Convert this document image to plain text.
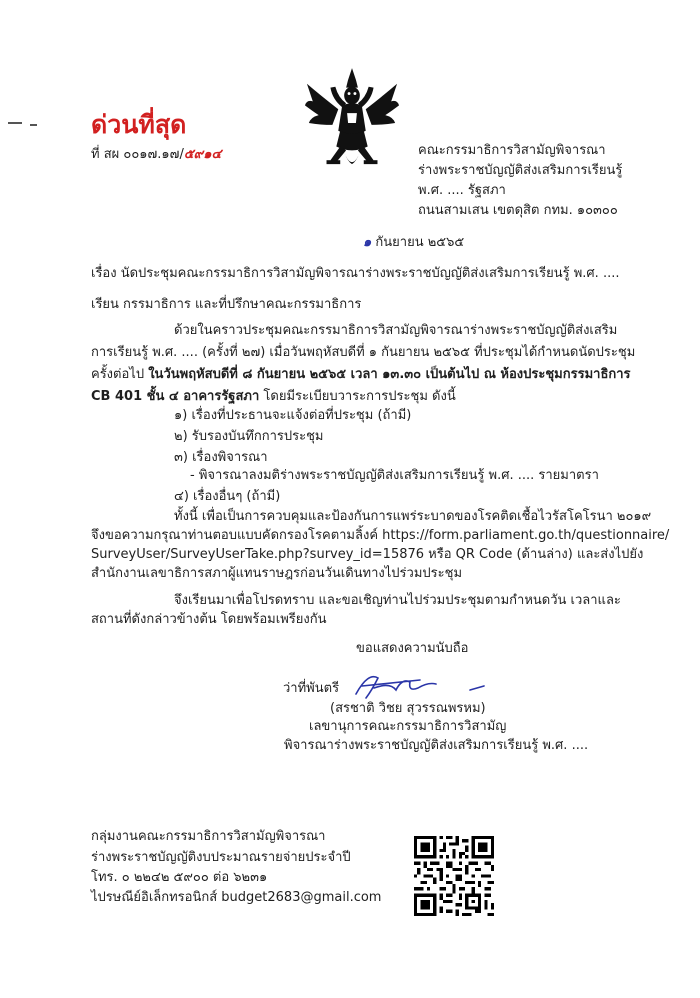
ด่วนที่สุด
ที่ สผ ๐๐๑๗.๑๗/๕๙๑๔	คณะกรรมาธิการวิสามัญพิจารณา
ร่างพระราชบัญญัติส่งเสริมการเรียนรู้
พ.ศ. .... รัฐสภา
ถนนสามเสน เขตดุสิต กทม. ๑๐๓๐๐
๑ กันยายน ๒๕๖๕
เรื่อง นัดประชุมคณะกรรมาธิการวิสามัญพิจารณาร่างพระราชบัญญัติส่งเสริมการเรียนรู้ พ.ศ. ....
เรียน กรรมาธิการ และที่ปรึกษาคณะกรรมาธิการ
ด้วยในคราวประชุมคณะกรรมาธิการวิสามัญพิจารณาร่างพระราชบัญญัติส่งเสริม
การเรียนรู้ พ.ศ. .... (ครั้งที่ ๒๗) เมื่อวันพฤหัสบดีที่ ๑ กันยายน ๒๕๖๕ ที่ประชุมได้กำหนดนัดประชุม
ครั้งต่อไป ในวันพฤหัสบดีที่ ๘ กันยายน ๒๕๖๕ เวลา ๑๓.๓๐ เป็นต้นไป ณ ห้องประชุมกรรมาธิการ
CB 401 ชั้น ๔ อาคารรัฐสภา โดยมีระเบียบวาระการประชุม ดังนี้
๑) เรื่องที่ประธานจะแจ้งต่อที่ประชุม (ถ้ามี)
๒) รับรองบันทึกการประชุม
๓) เรื่องพิจารณา
- พิจารณาลงมติร่างพระราชบัญญัติส่งเสริมการเรียนรู้ พ.ศ. .... รายมาตรา
๔) เรื่องอื่นๆ (ถ้ามี)
ทั้งนี้ เพื่อเป็นการควบคุมและป้องกันการแพร่ระบาดของโรคติดเชื้อไวรัสโคโรนา ๒๐๑๙
จึงขอความกรุณาท่านตอบแบบคัดกรองโรคตามลิ้งค์ https://form.parliament.go.th/questionnaire/
SurveyUser/SurveyUserTake.php?survey_id=15876 หรือ QR Code (ด้านล่าง) และส่งไปยัง
สำนักงานเลขาธิการสภาผู้แทนราษฎรก่อนวันเดินทางไปร่วมประชุม
จึงเรียนมาเพื่อโปรดทราบ และขอเชิญท่านไปร่วมประชุมตามกำหนดวัน เวลาและ
สถานที่ดังกล่าวข้างต้น โดยพร้อมเพรียงกัน
ขอแสดงความนับถือ
ว่าที่พันตรี
(สรชาติ วิชย สุวรรณพรหม)
เลขานุการคณะกรรมาธิการวิสามัญ
พิจารณาร่างพระราชบัญญัติส่งเสริมการเรียนรู้ พ.ศ. ....
กลุ่มงานคณะกรรมาธิการวิสามัญพิจารณา
ร่างพระราชบัญญัติงบประมาณรายจ่ายประจำปี
โทร. ๐ ๒๒๔๒ ๕๙๐๐ ต่อ ๖๒๓๑
ไปรษณีย์อิเล็กทรอนิกส์ budget2683@gmail.com
